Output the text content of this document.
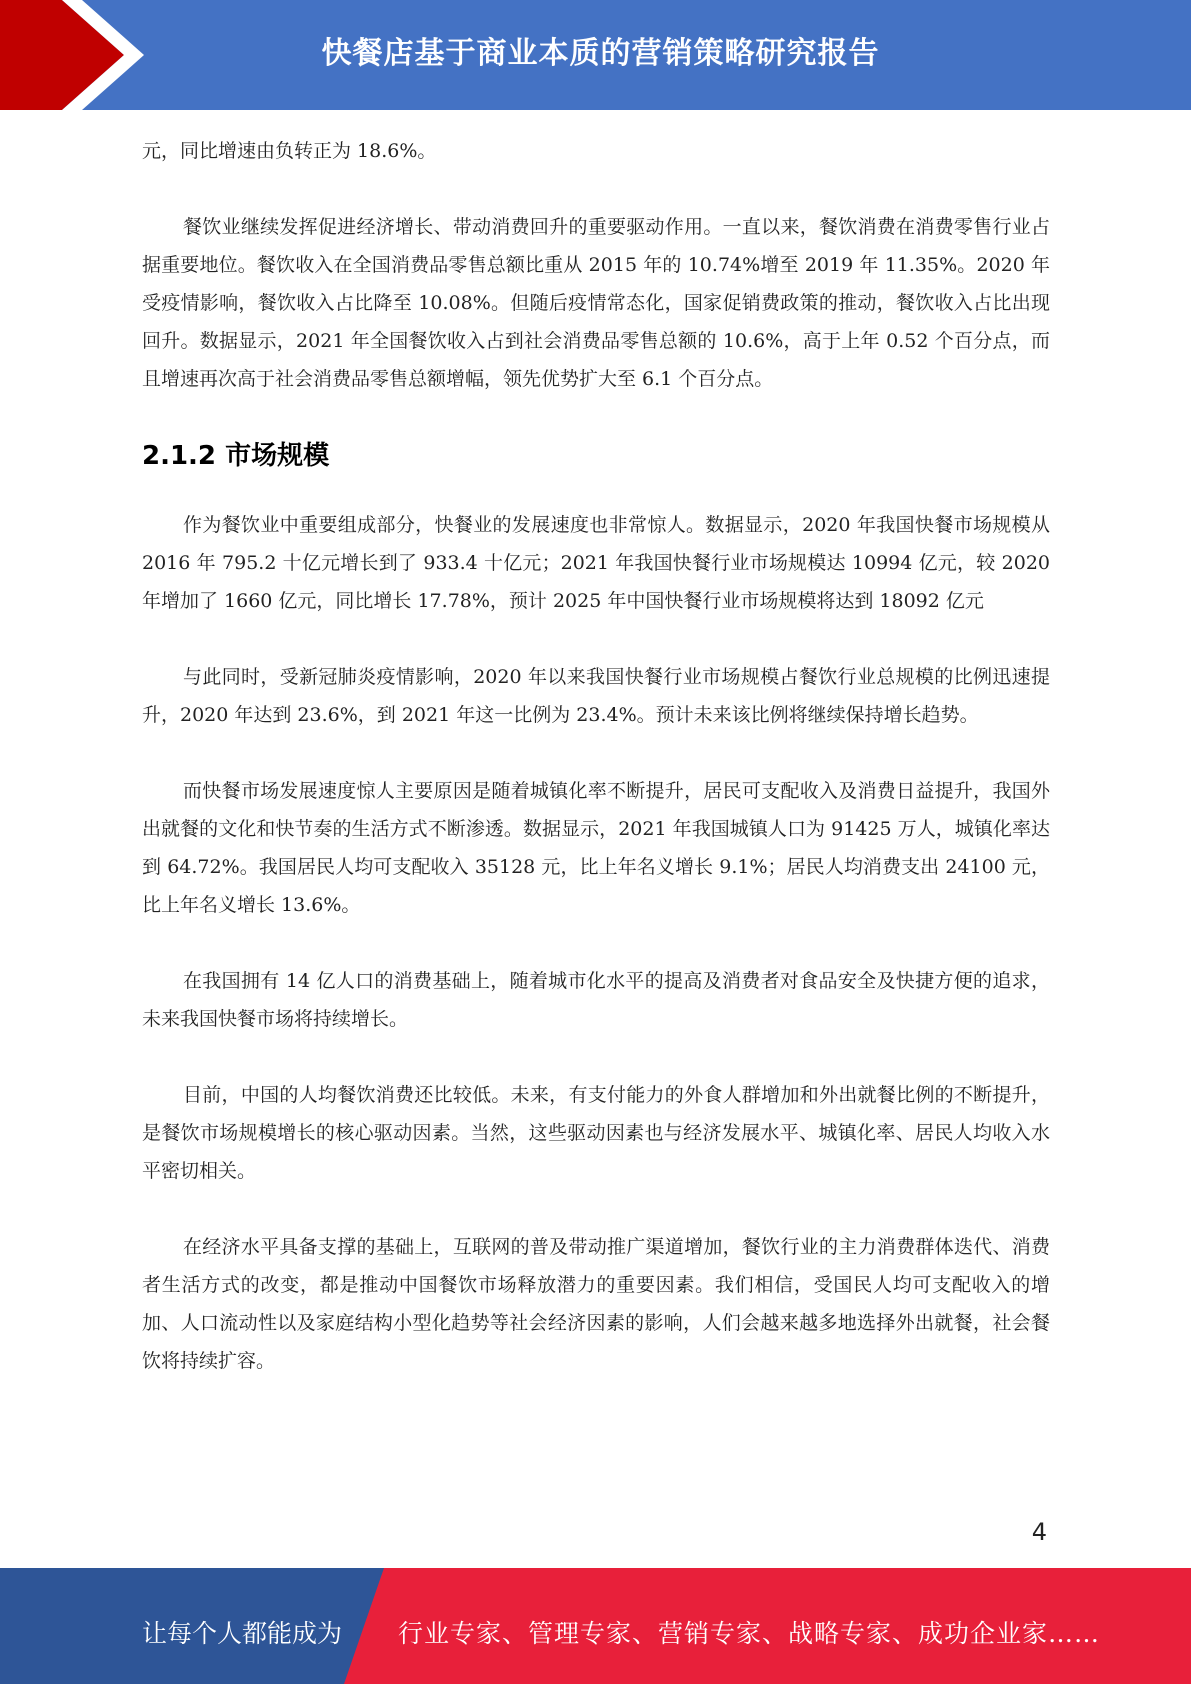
快餐店基于商业本质的营销策略研究报告

元，同比增速由负转正为 18.6%。

餐饮业继续发挥促进经济增长、带动消费回升的重要驱动作用。一直以来，餐饮消费在消费零售行业占据重要地位。餐饮收入在全国消费品零售总额比重从 2015 年的 10.74%增至 2019 年 11.35%。2020 年受疫情影响，餐饮收入占比降至 10.08%。但随后疫情常态化，国家促销费政策的推动，餐饮收入占比出现回升。数据显示，2021 年全国餐饮收入占到社会消费品零售总额的 10.6%，高于上年 0.52 个百分点，而且增速再次高于社会消费品零售总额增幅，领先优势扩大至 6.1 个百分点。

2.1.2 市场规模

作为餐饮业中重要组成部分，快餐业的发展速度也非常惊人。数据显示，2020 年我国快餐市场规模从 2016 年 795.2 十亿元增长到了 933.4 十亿元；2021 年我国快餐行业市场规模达 10994 亿元，较 2020 年增加了 1660 亿元，同比增长 17.78%，预计 2025 年中国快餐行业市场规模将达到 18092 亿元

与此同时，受新冠肺炎疫情影响，2020 年以来我国快餐行业市场规模占餐饮行业总规模的比例迅速提升，2020 年达到 23.6%，到 2021 年这一比例为 23.4%。预计未来该比例将继续保持增长趋势。

而快餐市场发展速度惊人主要原因是随着城镇化率不断提升，居民可支配收入及消费日益提升，我国外出就餐的文化和快节奏的生活方式不断渗透。数据显示，2021 年我国城镇人口为 91425 万人，城镇化率达到 64.72%。我国居民人均可支配收入 35128 元，比上年名义增长 9.1%；居民人均消费支出 24100 元，比上年名义增长 13.6%。

在我国拥有 14 亿人口的消费基础上，随着城市化水平的提高及消费者对食品安全及快捷方便的追求，未来我国快餐市场将持续增长。

目前，中国的人均餐饮消费还比较低。未来，有支付能力的外食人群增加和外出就餐比例的不断提升，是餐饮市场规模增长的核心驱动因素。当然，这些驱动因素也与经济发展水平、城镇化率、居民人均收入水平密切相关。

在经济水平具备支撑的基础上，互联网的普及带动推广渠道增加，餐饮行业的主力消费群体迭代、消费者生活方式的改变，都是推动中国餐饮市场释放潜力的重要因素。我们相信，受国民人均可支配收入的增加、人口流动性以及家庭结构小型化趋势等社会经济因素的影响，人们会越来越多地选择外出就餐，社会餐饮将持续扩容。

4
让每个人都能成为 行业专家、管理专家、营销专家、战略专家、成功企业家……
